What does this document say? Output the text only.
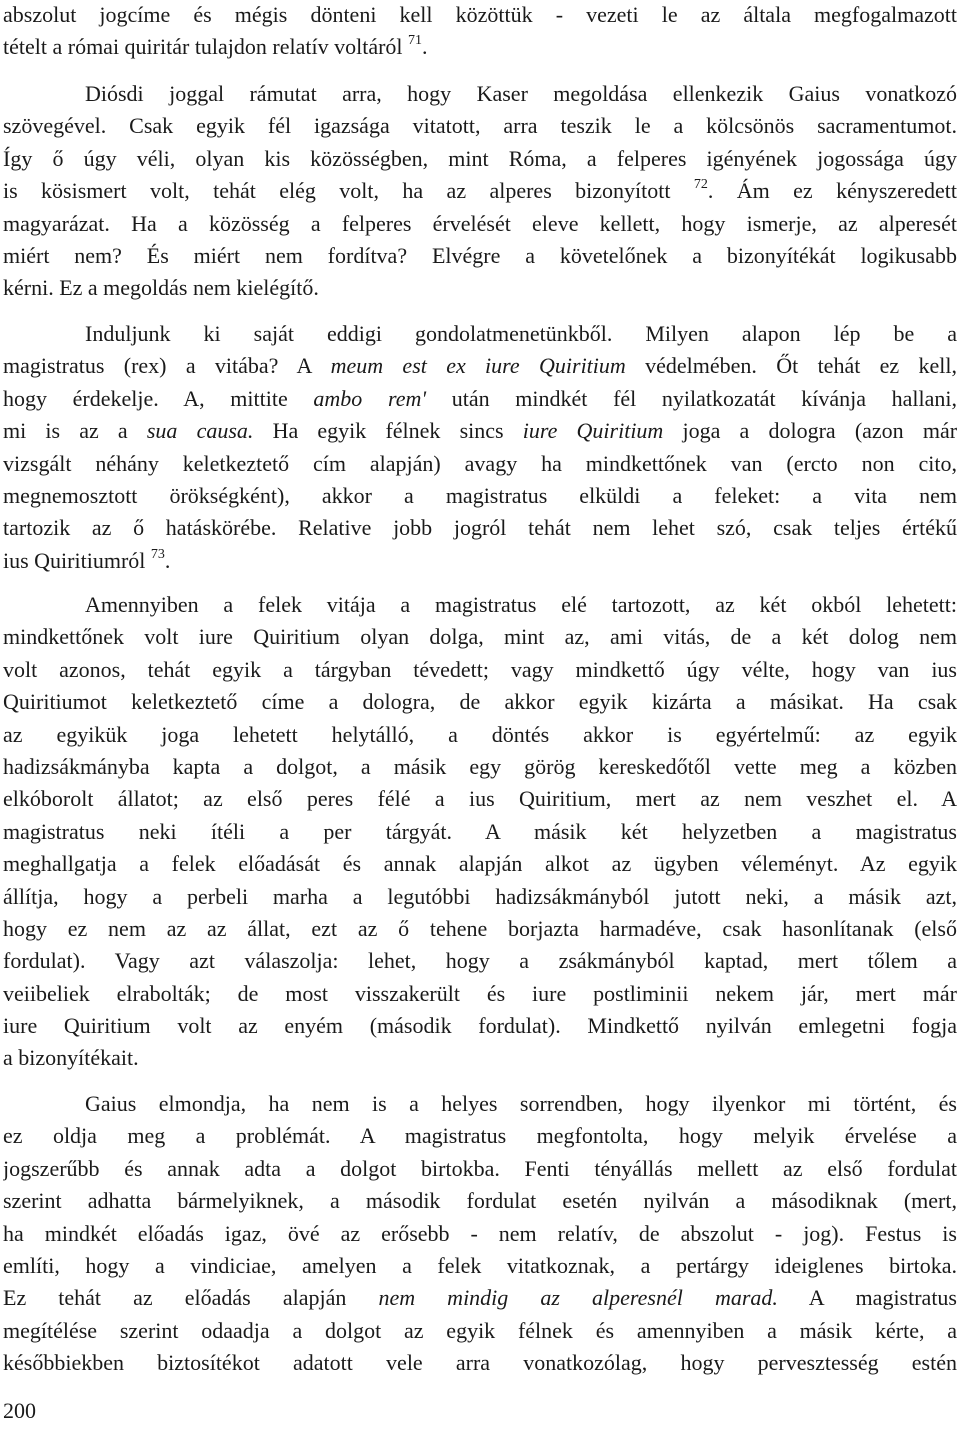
abszolut jogcíme és mégis dönteni kell közöttük - vezeti le az általa megfogalmazott
tételt a római quiritár tulajdon relatív voltáról $^{71}$.
Diósdi joggal rámutat arra, hogy Kaser megoldása ellenkezik Gaius vonatkozó
szövegével. Csak egyik fél igazsága vitatott, arra teszik le a kölcsönös sacramentumot.
Így ő úgy véli, olyan kis közösségben, mint Róma, a felperes igényének jogossága úgy
is kösismert volt, tehát elég volt, ha az alperes bizonyított $^{72}$. Ám ez kényszeredett
magyarázat. Ha a közösség a felperes érvelését eleve kellett, hogy ismerje, az alperesét
miért nem? És miért nem fordítva? Elvégre a követelőnek a bizonyítékát logikusabb
kérni. Ez a megoldás nem kielégítő.
Induljunk ki saját eddigi gondolatmenetünkből. Milyen alapon lép be a
magistratus (rex) a vitába? A meum est ex iure Quiritium védelmében. Őt tehát ez kell,
hogy érdekelje. A, mittite ambo rem' után mindkét fél nyilatkozatát kívánja hallani,
mi is az a sua causa. Ha egyik félnek sincs iure Quiritium joga a dologra (azon már
vizsgált néhány keletkeztető cím alapján) avagy ha mindkettőnek van (ercto non cito,
megnemosztott örökségként), akkor a magistratus elküldi a feleket: a vita nem
tartozik az ő hatáskörébe. Relative jobb jogról tehát nem lehet szó, csak teljes értékű
ius Quiritiumról $^{73}$.
Amennyiben a felek vitája a magistratus elé tartozott, az két okból lehetett:
mindkettőnek volt iure Quiritium olyan dolga, mint az, ami vitás, de a két dolog nem
volt azonos, tehát egyik a tárgyban tévedett; vagy mindkettő úgy vélte, hogy van ius
Quiritiumot keletkeztető címe a dologra, de akkor egyik kizárta a másikat. Ha csak
az egyikük joga lehetett helytálló, a döntés akkor is egyértelmű: az egyik
hadizsákmányba kapta a dolgot, a másik egy görög kereskedőtől vette meg a közben
elkóborolt állatot; az első peres félé a ius Quiritium, mert az nem veszhet el. A
magistratus neki ítéli a per tárgyát. A másik két helyzetben a magistratus
meghallgatja a felek előadását és annak alapján alkot az ügyben véleményt. Az egyik
állítja, hogy a perbeli marha a legutóbbi hadizsákmányból jutott neki, a másik azt,
hogy ez nem az az állat, ezt az ő tehene borjazta harmadéve, csak hasonlítanak (első
fordulat). Vagy azt válaszolja: lehet, hogy a zsákmányból kaptad, mert tőlem a
veiibeliek elrabolták; de most visszakerült és iure postliminii nekem jár, mert már
iure Quiritium volt az enyém (második fordulat). Mindkettő nyilván emlegetni fogja
a bizonyítékait.
Gaius elmondja, ha nem is a helyes sorrendben, hogy ilyenkor mi történt, és
ez oldja meg a problémát. A magistratus megfontolta, hogy melyik érvelése a
jogszerűbb és annak adta a dolgot birtokba. Fenti tényállás mellett az első fordulat
szerint adhatta bármelyiknek, a második fordulat esetén nyilván a másodiknak (mert,
ha mindkét előadás igaz, övé az erősebb - nem relatív, de abszolut - jog). Festus is
említi, hogy a vindiciae, amelyen a felek vitatkoznak, a pertárgy ideiglenes birtoka.
Ez tehát az előadás alapján nem mindig az alperesnél marad. A magistratus
megítélése szerint odaadja a dolgot az egyik félnek és amennyiben a másik kérte, a
későbbiekben biztosítékot adatott vele arra vonatkozólag, hogy pervesztesség estén
200
